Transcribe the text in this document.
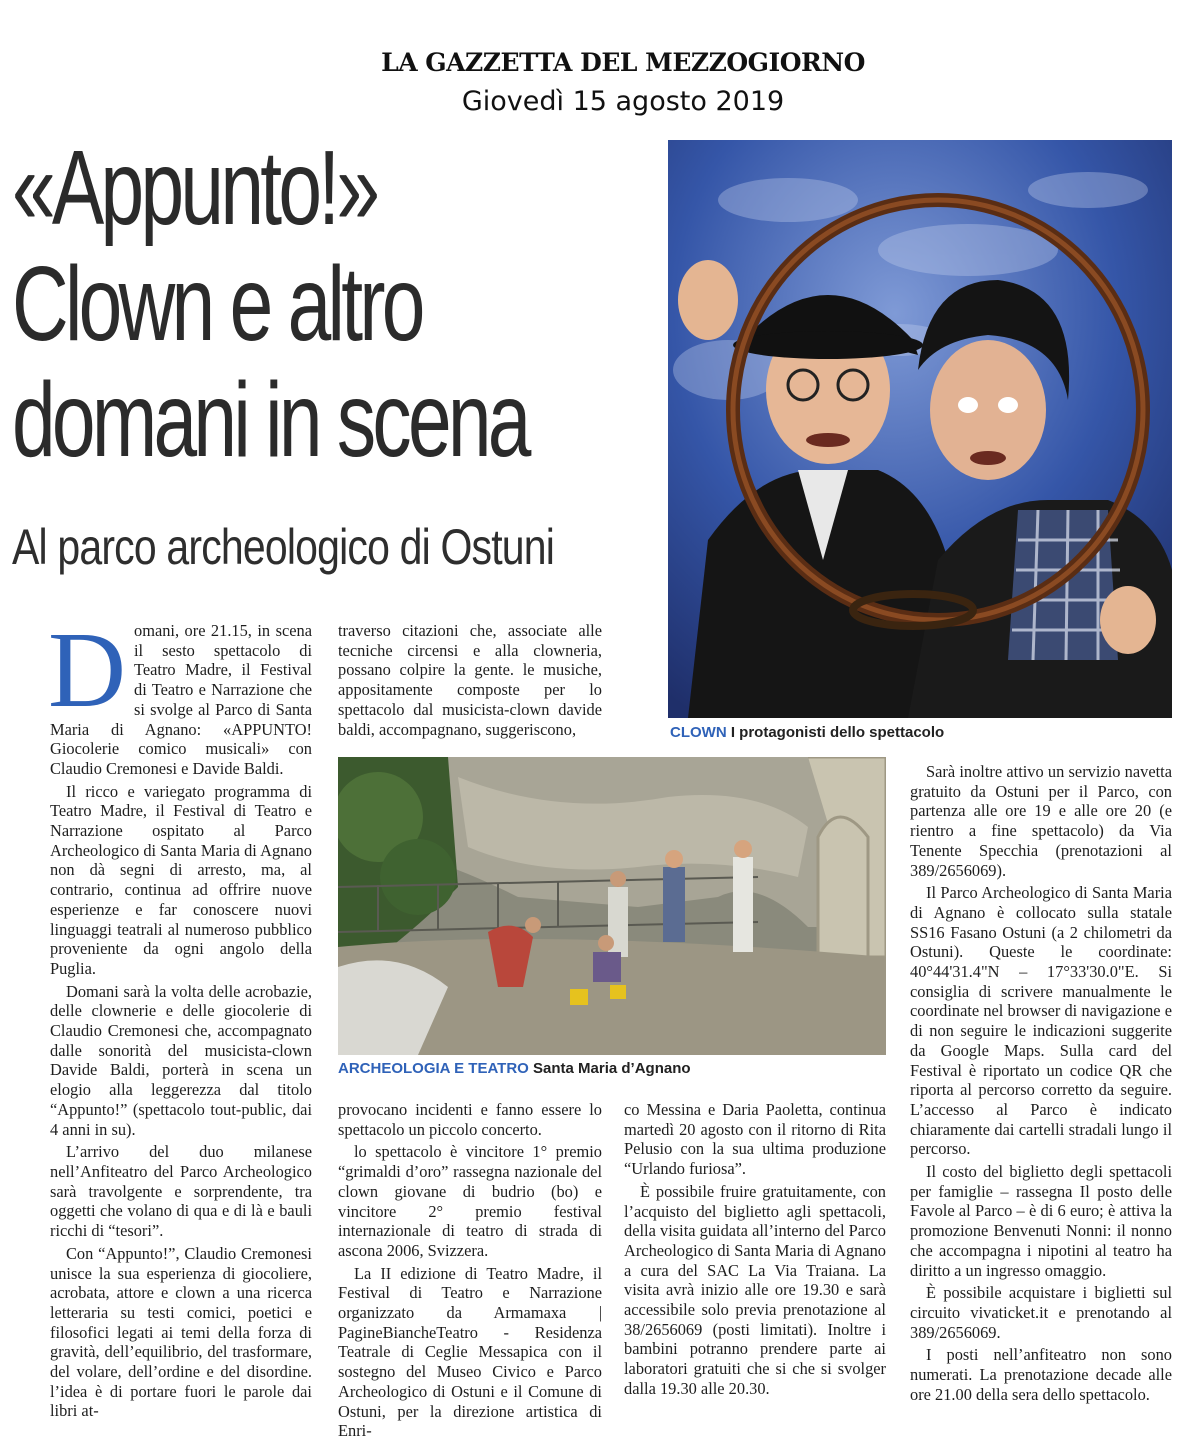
LA GAZZETTA DEL MEZZOGIORNO
Giovedì 15 agosto 2019
«Appunto!»
Clown e altro
domani in scena
Al parco archeologico di Ostuni
CLOWN I protagonisti dello spettacolo
ARCHEOLOGIA E TEATRO Santa Maria d’Agnano

Domani, ore 21.15, in scena il sesto spettacolo di Teatro Madre, il Festival di Teatro e Narrazione che si svolge al Parco di Santa Maria di Agnano: «APPUNTO! Giocolerie comico musicali» con Claudio Cremonesi e Davide Baldi.

Il ricco e variegato programma di Teatro Madre, il Festival di Teatro e Narrazione ospitato al Parco Archeologico di Santa Maria di Agnano non dà segni di arresto, ma, al contrario, continua ad offrire nuove esperienze e far conoscere nuovi linguaggi teatrali al numeroso pubblico proveniente da ogni angolo della Puglia.

Domani sarà la volta delle acrobazie, delle clownerie e delle giocolerie di Claudio Cremonesi che, accompagnato dalle sonorità del musicista-clown Davide Baldi, porterà in scena un elogio alla leggerezza dal titolo “Appunto!” (spettacolo tout-public, dai 4 anni in su).

L’arrivo del duo milanese nell’Anfiteatro del Parco Archeologico sarà travolgente e sorprendente, tra oggetti che volano di qua e di là e bauli ricchi di “tesori”.

Con “Appunto!”, Claudio Cremonesi unisce la sua esperienza di giocoliere, acrobata, attore e clown a una ricerca letteraria su testi comici, poetici e filosofici legati ai temi della forza di gravità, dell’equilibrio, del trasformare, del volare, dell’ordine e del disordine. l’idea è di portare fuori le parole dai libri at-

traverso citazioni che, associate alle tecniche circensi e alla clowneria, possano colpire la gente. le musiche, appositamente composte per lo spettacolo dal musicista-clown davide baldi, accompagnano, suggeriscono,

provocano incidenti e fanno essere lo spettacolo un piccolo concerto.

lo spettacolo è vincitore 1° premio “grimaldi d’oro” rassegna nazionale del clown giovane di budrio (bo) e vincitore 2° premio festival internazionale di teatro di strada di ascona 2006, Svizzera.

La II edizione di Teatro Madre, il Festival di Teatro e Narrazione organizzato da Armamaxa | PagineBiancheTeatro - Residenza Teatrale di Ceglie Messapica con il sostegno del Museo Civico e Parco Archeologico di Ostuni e il Comune di Ostuni, per la direzione artistica di Enri-

co Messina e Daria Paoletta, continua martedì 20 agosto con il ritorno di Rita Pelusio con la sua ultima produzione “Urlando furiosa”.

È possibile fruire gratuitamente, con l’acquisto del biglietto agli spettacoli, della visita guidata all’interno del Parco Archeologico di Santa Maria di Agnano a cura del SAC La Via Traiana. La visita avrà inizio alle ore 19.30 e sarà accessibile solo previa prenotazione al 38/2656069 (posti limitati). Inoltre i bambini potranno prendere parte ai laboratori gratuiti che si che si svolger dalla 19.30 alle 20.30.

Sarà inoltre attivo un servizio navetta gratuito da Ostuni per il Parco, con partenza alle ore 19 e alle ore 20 (e rientro a fine spettacolo) da Via Tenente Specchia (prenotazioni al 389/2656069).

Il Parco Archeologico di Santa Maria di Agnano è collocato sulla statale SS16 Fasano Ostuni (a 2 chilometri da Ostuni). Queste le coordinate: 40°44'31.4"N – 17°33'30.0"E. Si consiglia di scrivere manualmente le coordinate nel browser di navigazione e di non seguire le indicazioni suggerite da Google Maps. Sulla card del Festival è riportato un codice QR che riporta al percorso corretto da seguire. L’accesso al Parco è indicato chiaramente dai cartelli stradali lungo il percorso.

Il costo del biglietto degli spettacoli per famiglie – rassegna Il posto delle Favole al Parco – è di 6 euro; è attiva la promozione Benvenuti Nonni: il nonno che accompagna i nipotini al teatro ha diritto a un ingresso omaggio.

È possibile acquistare i biglietti sul circuito vivaticket.it e prenotando al 389/2656069.

I posti nell’anfiteatro non sono numerati. La prenotazione decade alle ore 21.00 della sera dello spettacolo.
